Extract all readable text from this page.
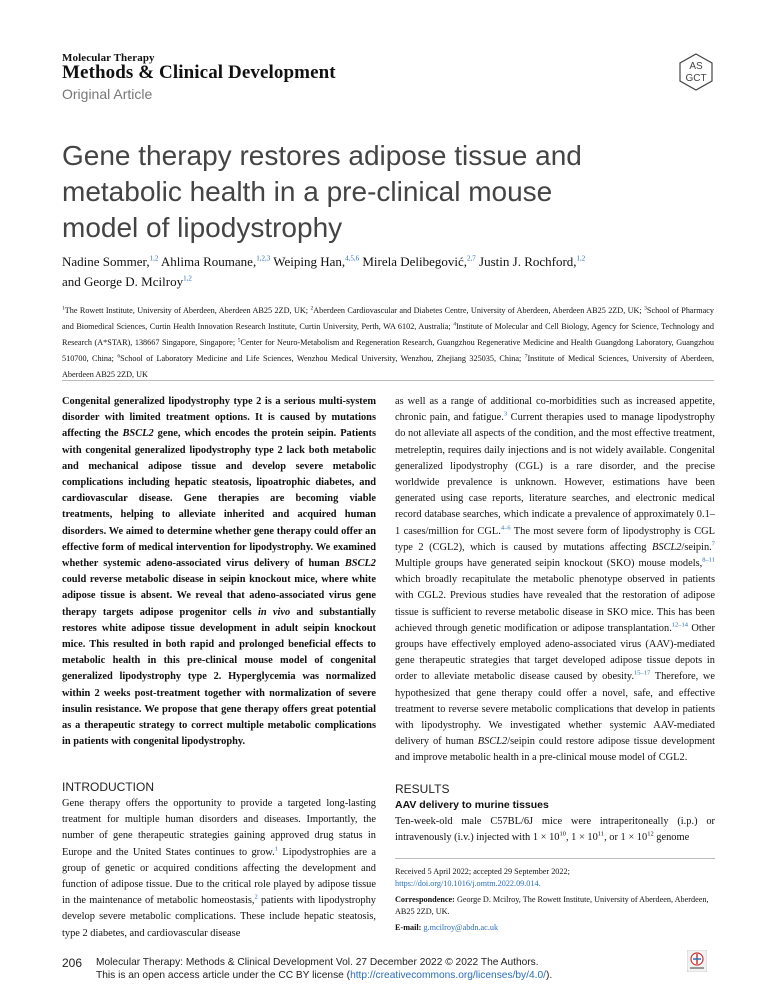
Molecular Therapy
Methods & Clinical Development
Original Article
AS
GCT
Gene therapy restores adipose tissue and metabolic health in a pre-clinical mouse model of lipodystrophy
Nadine Sommer,$^{1,2}$ Ahlima Roumane,$^{1,2,3}$ Weiping Han,$^{4,5,6}$ Mirela Delibegović,$^{2,7}$ Justin J. Rochford,$^{1,2}$
and George D. Mcilroy$^{1,2}$
$^1$The Rowett Institute, University of Aberdeen, Aberdeen AB25 2ZD, UK; $^2$Aberdeen Cardiovascular and Diabetes Centre, University of Aberdeen, Aberdeen AB25 2ZD, UK; $^3$School of Pharmacy and Biomedical Sciences, Curtin Health Innovation Research Institute, Curtin University, Perth, WA 6102, Australia; $^4$Institute of Molecular and Cell Biology, Agency for Science, Technology and Research (A*STAR), 138667 Singapore, Singapore; $^5$Center for Neuro-Metabolism and Regeneration Research, Guangzhou Regenerative Medicine and Health Guangdong Laboratory, Guangzhou 510700, China; $^6$School of Laboratory Medicine and Life Sciences, Wenzhou Medical University, Wenzhou, Zhejiang 325035, China; $^7$Institute of Medical Sciences, University of Aberdeen, Aberdeen AB25 2ZD, UK
Congenital generalized lipodystrophy type 2 is a serious multi-system disorder with limited treatment options. It is caused by mutations affecting the BSCL2 gene, which encodes the protein seipin. Patients with congenital generalized lipodystrophy type 2 lack both metabolic and mechanical adipose tissue and develop severe metabolic complications including hepatic steatosis, lipoatrophic diabetes, and cardiovascular disease. Gene therapies are becoming viable treatments, helping to alleviate inherited and acquired human disorders. We aimed to determine whether gene therapy could offer an effective form of medical intervention for lipodystrophy. We examined whether systemic adeno-associated virus delivery of human BSCL2 could reverse metabolic disease in seipin knockout mice, where white adipose tissue is absent. We reveal that adeno-associated virus gene therapy targets adipose progenitor cells in vivo and substantially restores white adipose tissue development in adult seipin knockout mice. This resulted in both rapid and prolonged beneficial effects to metabolic health in this pre-clinical mouse model of congenital generalized lipodystrophy type 2. Hyperglycemia was normalized within 2 weeks post-treatment together with normalization of severe insulin resistance. We propose that gene therapy offers great potential as a therapeutic strategy to correct multiple metabolic complications in patients with congenital lipodystrophy.
as well as a range of additional co-morbidities such as increased appetite, chronic pain, and fatigue.$^3$ Current therapies used to manage lipodystrophy do not alleviate all aspects of the condition, and the most effective treatment, metreleptin, requires daily injections and is not widely available. Congenital generalized lipodystrophy (CGL) is a rare disorder, and the precise worldwide prevalence is unknown. However, estimations have been generated using case reports, literature searches, and electronic medical record database searches, which indicate a prevalence of approximately 0.1–1 cases/million for CGL.$^{4-6}$ The most severe form of lipodystrophy is CGL type 2 (CGL2), which is caused by mutations affecting BSCL2/seipin.$^7$ Multiple groups have generated seipin knockout (SKO) mouse models,$^{8-11}$ which broadly recapitulate the metabolic phenotype observed in patients with CGL2. Previous studies have revealed that the restoration of adipose tissue is sufficient to reverse metabolic disease in SKO mice. This has been achieved through genetic modification or adipose transplantation.$^{12-14}$ Other groups have effectively employed adeno-associated virus (AAV)-mediated gene therapeutic strategies that target developed adipose tissue depots in order to alleviate metabolic disease caused by obesity.$^{15-17}$ Therefore, we hypothesized that gene therapy could offer a novel, safe, and effective treatment to reverse severe metabolic complications that develop in patients with lipodystrophy. We investigated whether systemic AAV-mediated delivery of human BSCL2/seipin could restore adipose tissue development and improve metabolic health in a pre-clinical mouse model of CGL2.
INTRODUCTION
Gene therapy offers the opportunity to provide a targeted long-lasting treatment for multiple human disorders and diseases. Importantly, the number of gene therapeutic strategies gaining approved drug status in Europe and the United States continues to grow.$^1$ Lipodystrophies are a group of genetic or acquired conditions affecting the development and function of adipose tissue. Due to the critical role played by adipose tissue in the maintenance of metabolic homeostasis,$^2$ patients with lipodystrophy develop severe metabolic complications. These include hepatic steatosis, type 2 diabetes, and cardiovascular disease
RESULTS
AAV delivery to murine tissues
Ten-week-old male C57BL/6J mice were intraperitoneally (i.p.) or intravenously (i.v.) injected with $1 \times 10^{10}$, $1 \times 10^{11}$, or $1 \times 10^{12}$ genome

Received 5 April 2022; accepted 29 September 2022;
https://doi.org/10.1016/j.omtm.2022.09.014.

Correspondence: George D. Mcilroy, The Rowett Institute, University of Aberdeen, Aberdeen, AB25 2ZD, UK.

E-mail: g.mcilroy@abdn.ac.uk

206 Molecular Therapy: Methods & Clinical Development Vol. 27 December 2022 © 2022 The Authors.
This is an open access article under the CC BY license (http://creativecommons.org/licenses/by/4.0/).
